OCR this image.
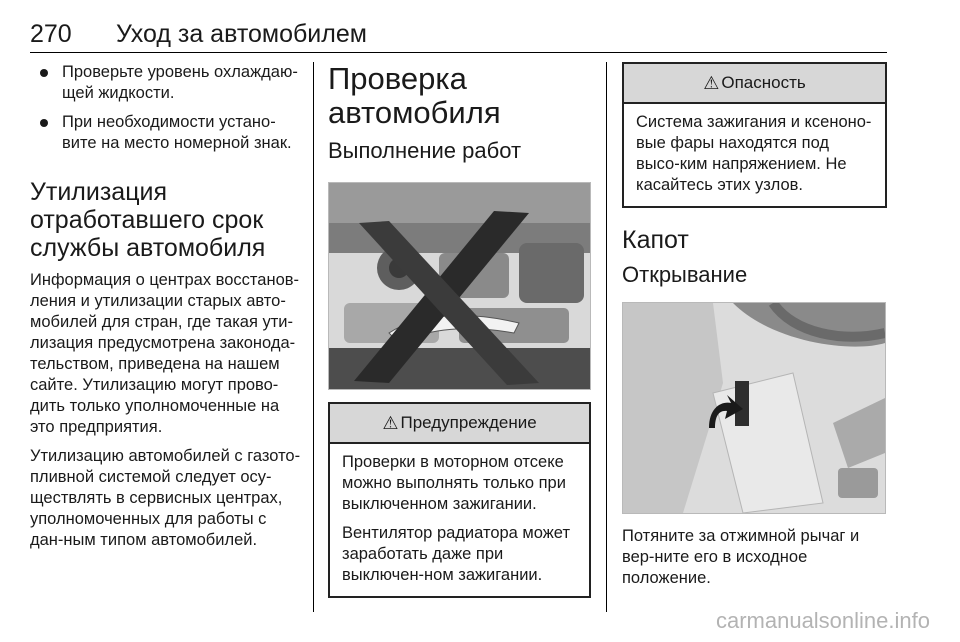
270 Уход за автомобилем
Проверьте уровень охлаждаю-щей жидкости.
При необходимости устано-вите на место номерной знак.
Утилизация отработавшего срок службы автомобиля

Информация о центрах восстанов-ления и утилизации старых авто-мобилей для стран, где такая ути-лизация предусмотрена законода-тельством, приведена на нашем сайте. Утилизацию могут прово-дить только уполномоченные на это предприятия.

Утилизацию автомобилей с газото-пливной системой следует осу-ществлять в сервисных центрах, уполномоченных для работы с дан-ным типом автомобилей.

Проверка автомобиля
Выполнение работ
⚠ Предупреждение

Проверки в моторном отсеке можно выполнять только при выключенном зажигании.

Вентилятор радиатора может заработать даже при выключен-ном зажигании.

⚠ Опасность

Система зажигания и ксеноно-вые фары находятся под высо-ким напряжением. Не касайтесь этих узлов.

Капот
Открывание

Потяните за отжимной рычаг и вер-ните его в исходное положение.

carmanualsonline.info
